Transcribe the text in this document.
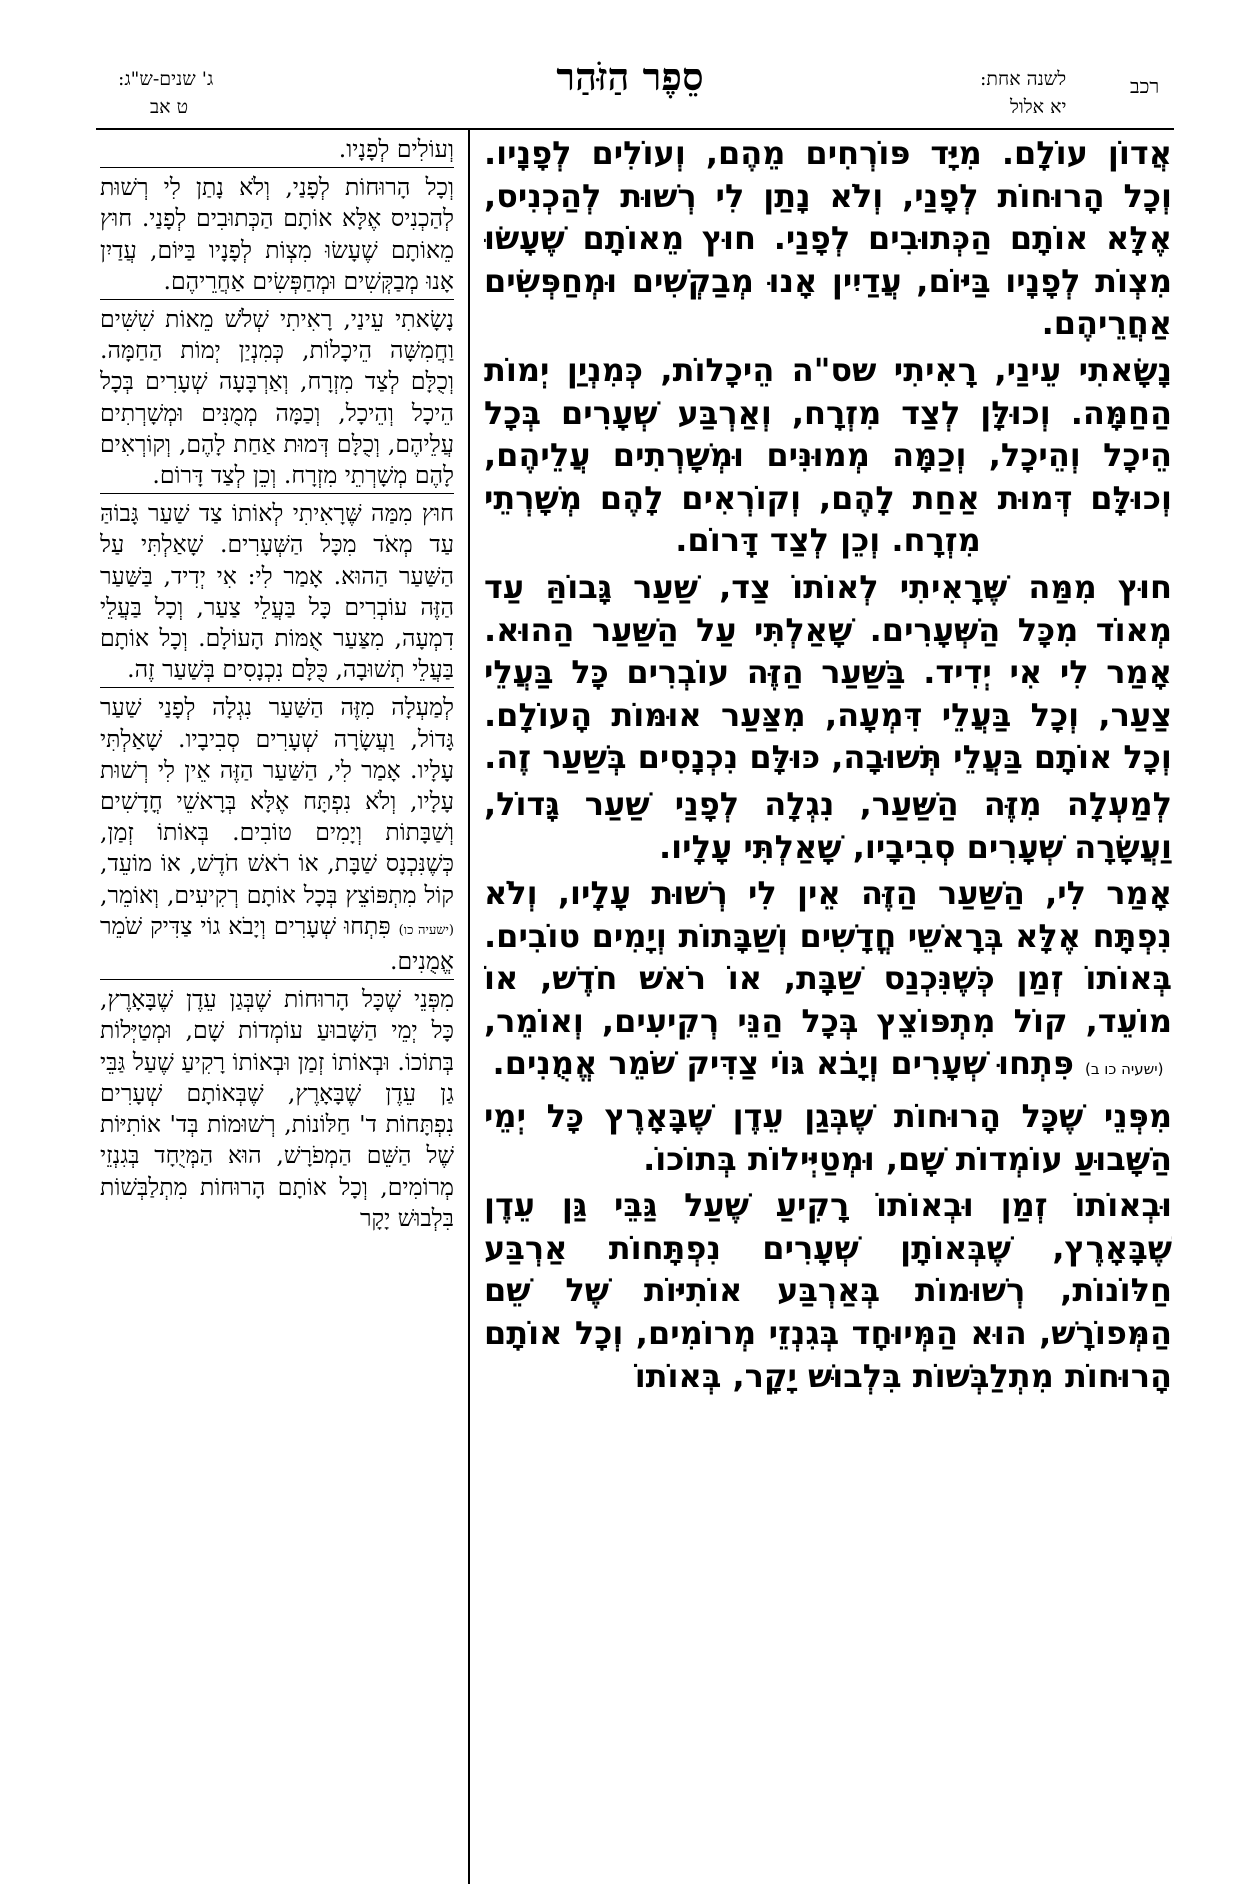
רכב
לשנה אחת:
יא אלול
סֵפֶר הַזֹּהַר
ג' שנים-ש"ג:
ט אב

אֲדוֹן עוֹלָם. מִיָּד פּוֹרְחִים מֵהֶם, וְעוֹלִים לְפָנָיו. וְכָל הָרוּחוֹת לְפָנַי, וְלֹא נָתַן לִי רְשׁוּת לְהַכְנִיס, אֶלָּא אוֹתָם הַכְּתוּבִים לְפָנַי. חוּץ מֵאוֹתָם שֶׁעָשׂוּ מִצְוֹת לְפָנָיו בַּיּוֹם, עֲדַיִין אָנוּ מְבַקְשִׁים וּמְחַפְּשִׂים אַחֲרֵיהֶם.

נָשָׂאתִי עֵינַי, רָאִיתִי שס"ה הֵיכָלוֹת, כְּמִנְיַן יְמוֹת הַחַמָּה. וְכוּלָּן לְצַד מִזְרָח, וְאַרְבַּע שְׁעָרִים בְּכָל הֵיכָל וְהֵיכָל, וְכַמָּה מְמוּנִּים וּמְשָׁרְתִים עֲלֵיהֶם, וְכוּלָּם דְּמוּת אַחַת לָהֶם, וְקוֹרְאִים לָהֶם מְשָׁרְתֵי מִזְרָח. וְכֵן לְצַד דָּרוֹם.

חוּץ מִמַּה שֶּׁרָאִיתִי לְאוֹתוֹ צַד, שַׁעַר גָּבוֹהַּ עַד מְאוֹד מִכָּל הַשְּׁעָרִים. שָׁאַלְתִּי עַל הַשַּׁעַר הַהוּא. אָמַר לִי אִי יְדִיד. בַּשַּׁעַר הַזֶּה עוֹבְרִים כָּל בַּעֲלֵי צַעַר, וְכָל בַּעֲלֵי דִּמְעָה, מִצַּעַר אוּמּוֹת הָעוֹלָם. וְכָל אוֹתָם בַּעֲלֵי תְּשׁוּבָה, כּוּלָּם נִכְנָסִים בְּשַׁעַר זֶה.

לְמַעְלָה מִזֶּה הַשַּׁעַר, נִגְלָה לְפָנַי שַׁעַר גָּדוֹל, וַעֲשָׂרָה שְׁעָרִים סְבִיבָיו, שָׁאַלְתִּי עָלָיו.

אָמַר לִי, הַשַּׁעַר הַזֶּה אֵין לִי רְשׁוּת עָלָיו, וְלֹא נִפְתָּח אֶלָּא בְּרָאשֵׁי חֳדָשִׁים וְשַׁבָּתוֹת וְיָמִים טוֹבִים. בְּאוֹתוֹ זְמַן כְּשֶׁנִּכְנַס שַׁבָּת, אוֹ רֹאשׁ חֹדֶשׁ, אוֹ מוֹעֵד, קוֹל מִתְפּוֹצֵץ בְּכָל הַנֵּי רְקִיעִים, וְאוֹמֵר, (ישעיה כו ב) פִּתְחוּ שְׁעָרִים וְיָבֹא גּוֹי צַדִּיק שֹׁמֵר אֱמֻנִים.

מִפְּנֵי שֶׁכָּל הָרוּחוֹת שֶׁבְּגַן עֵדֶן שֶׁבָּאָרֶץ כָּל יְמֵי הַשָּׁבוּעַ עוֹמְדוֹת שָׁם, וּמְטַיְּילוֹת בְּתוֹכוֹ.

וּבְאוֹתוֹ זְמַן וּבְאוֹתוֹ רָקִיעַ שֶׁעַל גַּבֵּי גַּן עֵדֶן שֶׁבָּאָרֶץ, שֶׁבְּאוֹתָן שְׁעָרִים נִפְתָּחוֹת אַרְבַּע חַלּוֹנוֹת, רְשׁוּמוֹת בְּאַרְבַּע אוֹתִיּוֹת שֶׁל שֵׁם הַמְּפוֹרָשׁ, הוּא הַמְּיוּחָד בְּגִנְזֵי מְרוֹמִים, וְכָל אוֹתָם הָרוּחוֹת מִתְלַבְּשׁוֹת בִּלְבוּשׁ יָקָר, בְּאוֹתוֹ

וְעוֹלִים לְפָנָיו.

וְכָל הָרוּחוֹת לְפָנַי, וְלֹא נָתַן לִי רְשׁוּת לְהַכְנִיס אֶלָּא אוֹתָם הַכְּתוּבִים לְפָנַי. חוּץ מֵאוֹתָם שֶׁעָשׂוּ מִצְוֹת לְפָנָיו בַּיּוֹם, עֲדַיִן אָנוּ מְבַקְּשִׁים וּמְחַפְּשִׂים אַחֲרֵיהֶם.

נָשָׂאתִי עֵינַי, רָאִיתִי שְׁלֹשׁ מֵאוֹת שִׁשִּׁים וַחֲמִשָּׁה הֵיכָלוֹת, כְּמִנְיַן יְמוֹת הַחַמָּה. וְכֻלָּם לְצַד מִזְרָח, וְאַרְבָּעָה שְׁעָרִים בְּכָל הֵיכָל וְהֵיכָל, וְכַמָּה מְמֻנִּים וּמְשָׁרְתִים עֲלֵיהֶם, וְכֻלָּם דְּמוּת אַחַת לָהֶם, וְקוֹרְאִים לָהֶם מְשָׁרְתֵי מִזְרָח. וְכֵן לְצַד דָּרוֹם.

חוּץ מִמַּה שֶּׁרָאִיתִי לְאוֹתוֹ צַד שַׁעַר גָּבוֹהַּ עַד מְאֹד מִכָּל הַשְּׁעָרִים. שָׁאַלְתִּי עַל הַשַּׁעַר הַהוּא. אָמַר לִי: אִי יְדִיד, בַּשַּׁעַר הַזֶּה עוֹבְרִים כָּל בַּעֲלֵי צַעַר, וְכָל בַּעֲלֵי דִמְעָה, מִצַּעַר אֻמּוֹת הָעוֹלָם. וְכָל אוֹתָם בַּעֲלֵי תְשׁוּבָה, כֻּלָּם נִכְנָסִים בְּשַׁעַר זֶה.

לְמַעְלָה מִזֶּה הַשַּׁעַר נִגְלָה לְפָנַי שַׁעַר גָּדוֹל, וַעֲשָׂרָה שְׁעָרִים סְבִיבָיו. שָׁאַלְתִּי עָלָיו. אָמַר לִי, הַשַּׁעַר הַזֶּה אֵין לִי רְשׁוּת עָלָיו, וְלֹא נִפְתָּח אֶלָּא בְּרָאשֵׁי חֳדָשִׁים וְשַׁבָּתוֹת וְיָמִים טוֹבִים. בְּאוֹתוֹ זְמַן, כְּשֶׁנִּכְנָס שַׁבָּת, אוֹ רֹאשׁ חֹדֶשׁ, אוֹ מוֹעֵד, קוֹל מִתְפּוֹצֵץ בְּכָל אוֹתָם רְקִיעִים, וְאוֹמֵר, (ישעיה כו) פִּתְחוּ שְׁעָרִים וְיָבֹא גוֹי צַדִּיק שֹׁמֵר אֱמֻנִים.

מִפְּנֵי שֶׁכָּל הָרוּחוֹת שֶׁבְּגַן עֵדֶן שֶׁבָּאָרֶץ, כָּל יְמֵי הַשָּׁבוּעַ עוֹמְדוֹת שָׁם, וּמְטַיְּלוֹת בְּתוֹכוֹ. וּבְאוֹתוֹ זְמַן וּבְאוֹתוֹ רָקִיעַ שֶׁעַל גַּבֵּי גַן עֵדֶן שֶׁבָּאָרֶץ, שֶׁבְּאוֹתָם שְׁעָרִים נִפְתָּחוֹת ד' חַלּוֹנוֹת, רְשׁוּמוֹת בְּד' אוֹתִיּוֹת שֶׁל הַשֵּׁם הַמְפֹרָשׁ, הוּא הַמְּיֻחָד בְּגִנְזֵי מְרוֹמִים, וְכָל אוֹתָם הָרוּחוֹת מִתְלַבְּשׁוֹת בִּלְבוּשׁ יָקָר
